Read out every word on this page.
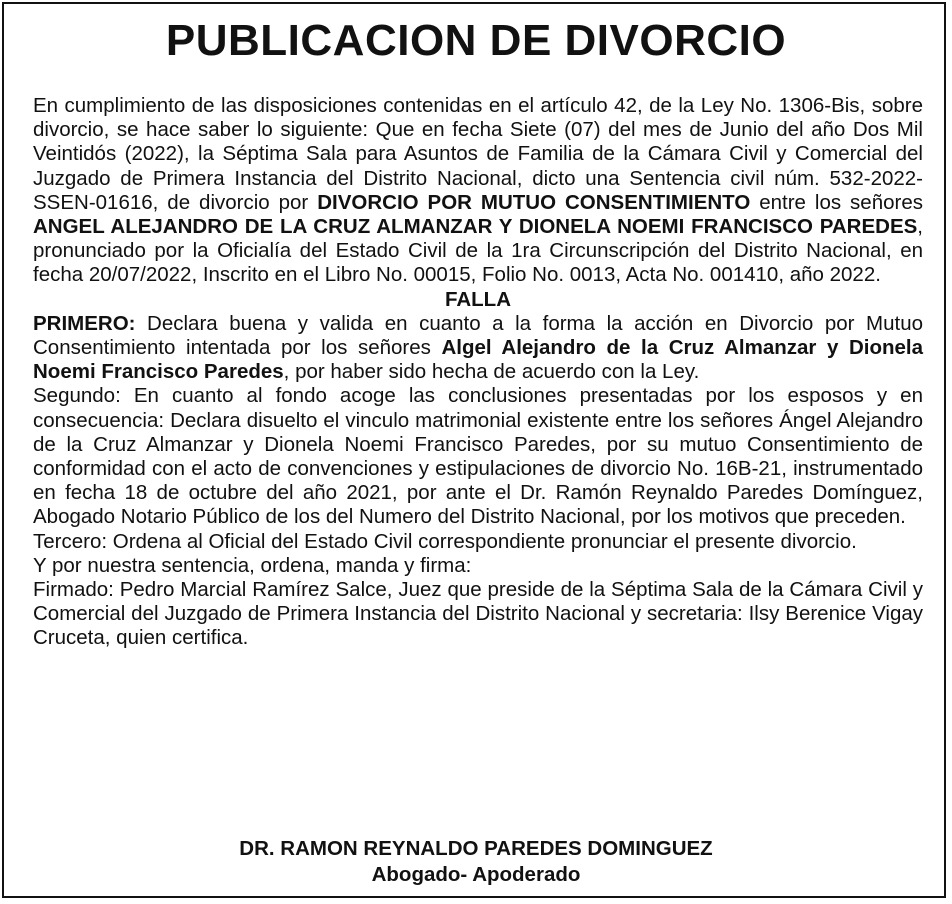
PUBLICACION DE DIVORCIO

En cumplimiento de las disposiciones contenidas en el artículo 42, de la Ley No. 1306-Bis, sobre divorcio, se hace saber lo siguiente: Que en fecha Siete (07) del mes de Junio del año Dos Mil Veintidós (2022), la Séptima Sala para Asuntos de Familia de la Cámara Civil y Comercial del Juzgado de Primera Instancia del Distrito Nacional, dicto una Sentencia civil núm. 532-2022-SSEN-01616, de divorcio por DIVORCIO POR MUTUO CONSENTIMIENTO entre los señores ANGEL ALEJANDRO DE LA CRUZ ALMANZAR Y DIONELA NOEMI FRANCISCO PAREDES, pronunciado por la Oficialía del Estado Civil de la 1ra Circunscripción del Distrito Nacional, en fecha 20/07/2022, Inscrito en el Libro No. 00015, Folio No. 0013, Acta No. 001410, año 2022.

FALLA

PRIMERO: Declara buena y valida en cuanto a la forma la acción en Divorcio por Mutuo Consentimiento intentada por los señores Algel Alejandro de la Cruz Almanzar y Dionela Noemi Francisco Paredes, por haber sido hecha de acuerdo con la Ley.

Segundo: En cuanto al fondo acoge las conclusiones presentadas por los esposos y en consecuencia: Declara disuelto el vinculo matrimonial existente entre los señores Ángel Alejandro de la Cruz Almanzar y Dionela Noemi Francisco Paredes, por su mutuo Consentimiento de conformidad con el acto de convenciones y estipulaciones de divorcio No. 16B-21, instrumentado en fecha 18 de octubre del año 2021, por ante el Dr. Ramón Reynaldo Paredes Domínguez, Abogado Notario Público de los del Numero del Distrito Nacional, por los motivos que preceden.

Tercero: Ordena al Oficial del Estado Civil correspondiente pronunciar el presente divorcio.

Y por nuestra sentencia, ordena, manda y firma:

Firmado: Pedro Marcial Ramírez Salce, Juez que preside de la Séptima Sala de la Cámara Civil y Comercial del Juzgado de Primera Instancia del Distrito Nacional y secretaria: Ilsy Berenice Vigay Cruceta, quien certifica.

DR. RAMON REYNALDO PAREDES DOMINGUEZ
Abogado- Apoderado
